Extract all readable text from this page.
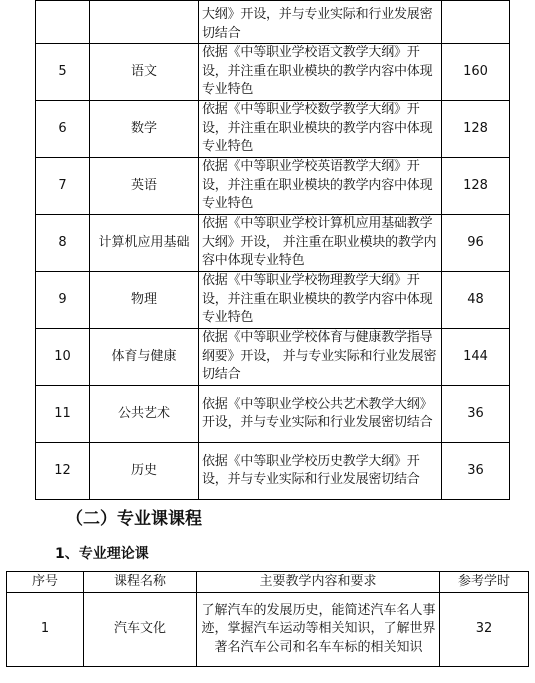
		大纲》开设，并与专业实际和行业发展密切结合	
5	语文	依据《中等职业学校语文教学大纲》开设，并注重在职业模块的教学内容中体现专业特色	160
6	数学	依据《中等职业学校数学教学大纲》开设，并注重在职业模块的教学内容中体现专业特色	128
7	英语	依据《中等职业学校英语教学大纲》开设，并注重在职业模块的教学内容中体现专业特色	128
8	计算机应用基础	依据《中等职业学校计算机应用基础教学大纲》开设， 并注重在职业模块的教学内容中体现专业特色	96
9	物理	依据《中等职业学校物理教学大纲》开设，并注重在职业模块的教学内容中体现专业特色	48
10	体育与健康	依据《中等职业学校体育与健康教学指导纲要》开设， 并与专业实际和行业发展密切结合	144
11	公共艺术	依据《中等职业学校公共艺术教学大纲》开设，并与专业实际和行业发展密切结合	36
12	历史	依据《中等职业学校历史教学大纲》开设，并与专业实际和行业发展密切结合	36
（二）专业课课程
1、专业理论课
序号	课程名称	主要教学内容和要求	参考学时
1	汽车文化	了解汽车的发展历史，能简述汽车名人事迹，掌握汽车运动等相关知识，了解世界著名汽车公司和名车车标的相关知识	32
